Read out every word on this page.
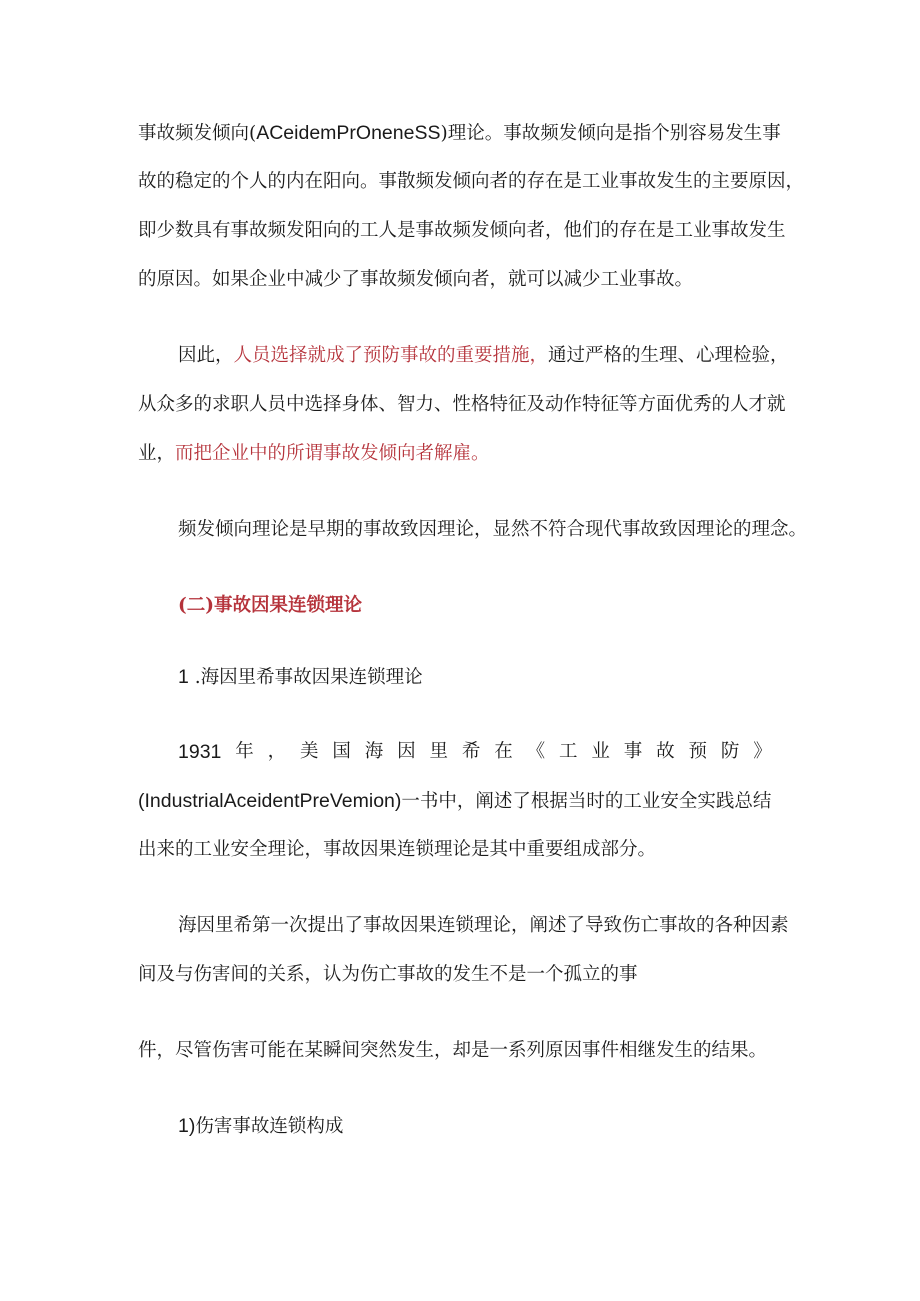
事故频发倾向(ACeidemPrOneneSS)理论。事故频发倾向是指个别容易发生事
故的稳定的个人的内在阳向。事散频发倾向者的存在是工业事故发生的主要原因，
即少数具有事故频发阳向的工人是事故频发倾向者，他们的存在是工业事故发生
的原因。如果企业中减少了事故频发倾向者，就可以减少工业事故。
因此，人员选择就成了预防事故的重要措施，通过严格的生理、心理检验，
从众多的求职人员中选择身体、智力、性格特征及动作特征等方面优秀的人才就
业，而把企业中的所谓事故发倾向者解雇。
频发倾向理论是早期的事故致因理论，显然不符合现代事故致因理论的理念。
(二)事故因果连锁理论
1 .海因里希事故因果连锁理论
1931 年 ， 美 国 海 因 里 希 在 《 工 业 事 故 预 防 》
(IndustrialAceidentPreVemion)一书中，阐述了根据当时的工业安全实践总结
出来的工业安全理论，事故因果连锁理论是其中重要组成部分。
海因里希第一次提出了事故因果连锁理论，阐述了导致伤亡事故的各种因素
间及与伤害间的关系，认为伤亡事故的发生不是一个孤立的事
件，尽管伤害可能在某瞬间突然发生，却是一系列原因事件相继发生的结果。
1)伤害事故连锁构成
